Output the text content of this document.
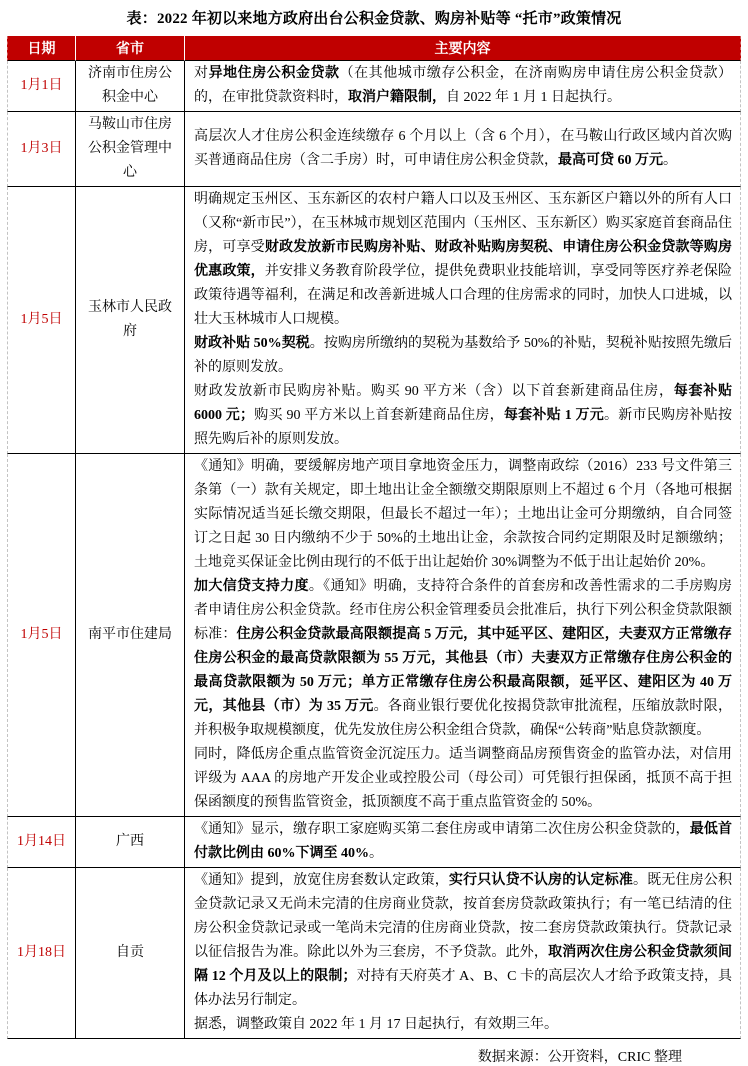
表：2022 年初以来地方政府出台公积金贷款、购房补贴等 “托市”政策情况
日期	省市	主要内容
1月1日	济南市住房公积金中心	对异地住房公积金贷款（在其他城市缴存公积金，在济南购房申请住房公积金贷款）的，在审批贷款资料时，取消户籍限制，自 2022 年 1 月 1 日起执行。

1月3日	马鞍山市住房公积金管理中心	高层次人才住房公积金连续缴存 6 个月以上（含 6 个月），在马鞍山行政区域内首次购买普通商品住房（含二手房）时，可申请住房公积金贷款，最高可贷 60 万元。

1月5日	玉林市人民政府	明确规定玉州区、玉东新区的农村户籍人口以及玉州区、玉东新区户籍以外的所有人口（又称“新市民”），在玉林城市规划区范围内（玉州区、玉东新区）购买家庭首套商品住房，可享受财政发放新市民购房补贴、财政补贴购房契税、申请住房公积金贷款等购房优惠政策，并安排义务教育阶段学位，提供免费职业技能培训，享受同等医疗养老保险政策待遇等福利，在满足和改善新进城人口合理的住房需求的同时，加快人口进城，以壮大玉林城市人口规模。

财政补贴 50%契税。按购房所缴纳的契税为基数给予 50%的补贴，契税补贴按照先缴后补的原则发放。

财政发放新市民购房补贴。购买 90 平方米（含）以下首套新建商品住房，每套补贴 6000 元；购买 90 平方米以上首套新建商品住房，每套补贴 1 万元。新市民购房补贴按照先购后补的原则发放。

1月5日	南平市住建局	《通知》明确，要缓解房地产项目拿地资金压力，调整南政综（2016）233 号文件第三条第（一）款有关规定，即土地出让金全额缴交期限原则上不超过 6 个月（各地可根据实际情况适当延长缴交期限，但最长不超过一年）；土地出让金可分期缴纳，自合同签订之日起 30 日内缴纳不少于 50%的土地出让金，余款按合同约定期限及时足额缴纳；土地竞买保证金比例由现行的不低于出让起始价 30%调整为不低于出让起始价 20%。

加大信贷支持力度。《通知》明确，支持符合条件的首套房和改善性需求的二手房购房者申请住房公积金贷款。经市住房公积金管理委员会批准后，执行下列公积金贷款限额标准：住房公积金贷款最高限额提高 5 万元，其中延平区、建阳区，夫妻双方正常缴存住房公积金的最高贷款限额为 55 万元，其他县（市）夫妻双方正常缴存住房公积金的最高贷款限额为 50 万元；单方正常缴存住房公积最高限额，延平区、建阳区为 40 万元，其他县（市）为 35 万元。各商业银行要优化按揭贷款审批流程，压缩放款时限，并积极争取规模额度，优先发放住房公积金组合贷款，确保“公转商”贴息贷款额度。

同时，降低房企重点监管资金沉淀压力。适当调整商品房预售资金的监管办法，对信用评级为 AAA 的房地产开发企业或控股公司（母公司）可凭银行担保函，抵顶不高于担保函额度的预售监管资金，抵顶额度不高于重点监管资金的 50%。

1月14日	广西	《通知》显示，缴存职工家庭购买第二套住房或申请第二次住房公积金贷款的，最低首付款比例由 60%下调至 40%。

1月18日	自贡	《通知》提到，放宽住房套数认定政策，实行只认贷不认房的认定标准。既无住房公积金贷款记录又无尚未完清的住房商业贷款，按首套房贷款政策执行；有一笔已结清的住房公积金贷款记录或一笔尚未完清的住房商业贷款，按二套房贷款政策执行。贷款记录以征信报告为准。除此以外为三套房，不予贷款。此外，取消两次住房公积金贷款须间隔 12 个月及以上的限制；对持有天府英才 A、B、C 卡的高层次人才给予政策支持，具体办法另行制定。

据悉，调整政策自 2022 年 1 月 17 日起执行，有效期三年。

数据来源：公开资料，CRIC 整理
